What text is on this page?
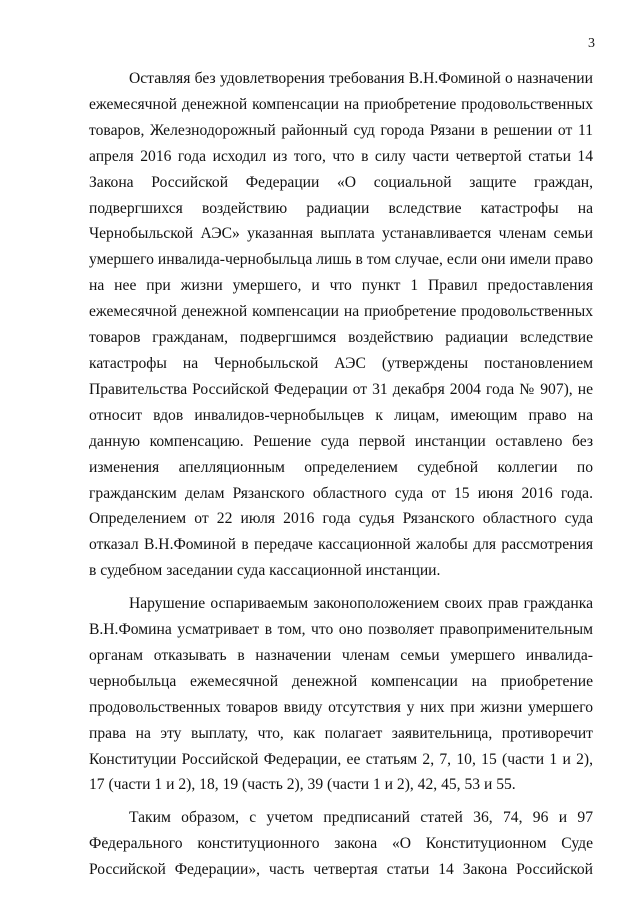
3

Оставляя без удовлетворения требования В.Н.Фоминой о назначении ежемесячной денежной компенсации на приобретение продовольственных товаров, Железнодорожный районный суд города Рязани в решении от 11 апреля 2016 года исходил из того, что в силу части четвертой статьи 14 Закона Российской Федерации «О социальной защите граждан, подвергшихся воздействию радиации вследствие катастрофы на Чернобыльской АЭС» указанная выплата устанавливается членам семьи умершего инвалида-чернобыльца лишь в том случае, если они имели право на нее при жизни умершего, и что пункт 1 Правил предоставления ежемесячной денежной компенсации на приобретение продовольственных товаров гражданам, подвергшимся воздействию радиации вследствие катастрофы на Чернобыльской АЭС (утверждены постановлением Правительства Российской Федерации от 31 декабря 2004 года № 907), не относит вдов инвалидов-чернобыльцев к лицам, имеющим право на данную компенсацию. Решение суда первой инстанции оставлено без изменения апелляционным определением судебной коллегии по гражданским делам Рязанского областного суда от 15 июня 2016 года. Определением от 22 июля 2016 года судья Рязанского областного суда отказал В.Н.Фоминой в передаче кассационной жалобы для рассмотрения в судебном заседании суда кассационной инстанции.

Нарушение оспариваемым законоположением своих прав гражданка В.Н.Фомина усматривает в том, что оно позволяет правоприменительным органам отказывать в назначении членам семьи умершего инвалида-чернобыльца ежемесячной денежной компенсации на приобретение продовольственных товаров ввиду отсутствия у них при жизни умершего права на эту выплату, что, как полагает заявительница, противоречит Конституции Российской Федерации, ее статьям 2, 7, 10, 15 (части 1 и 2), 17 (части 1 и 2), 18, 19 (часть 2), 39 (части 1 и 2), 42, 45, 53 и 55.

Таким образом, с учетом предписаний статей 36, 74, 96 и 97 Федерального конституционного закона «О Конституционном Суде Российской Федерации», часть четвертая статьи 14 Закона Российской
